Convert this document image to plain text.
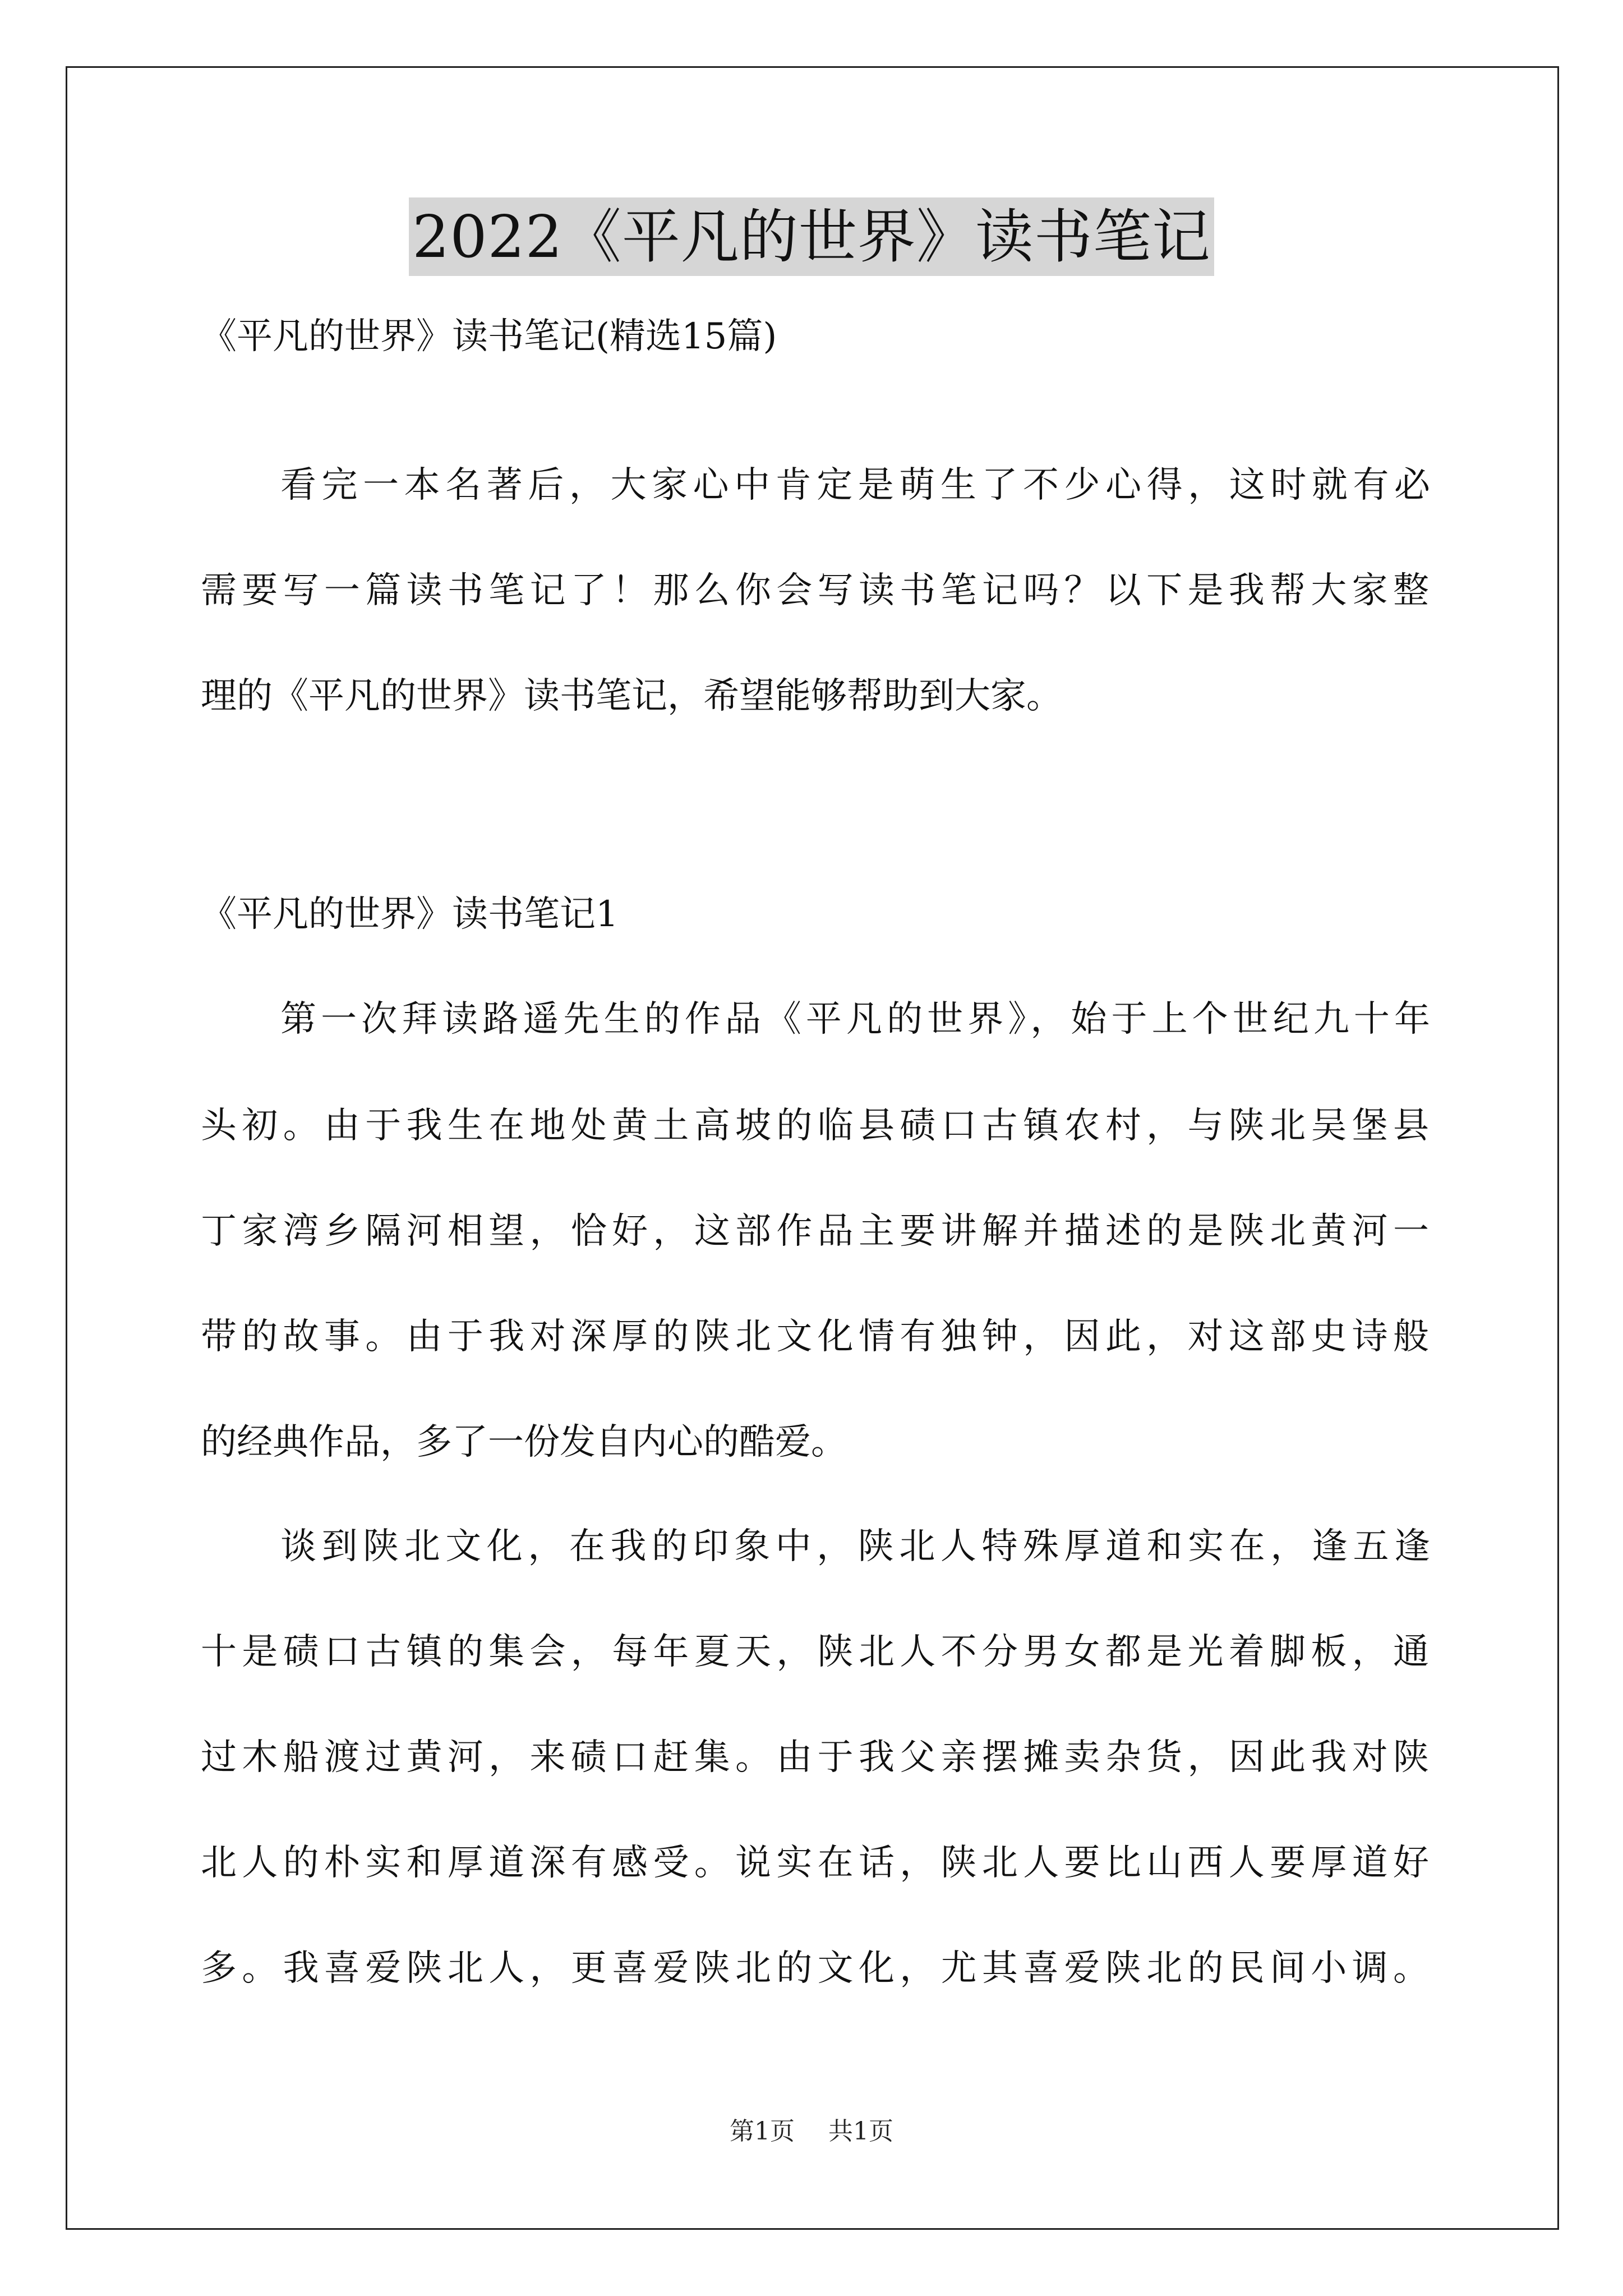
2022《平凡的世界》读书笔记
《平凡的世界》读书笔记(精选15篇)
看完一本名著后，大家心中肯定是萌生了不少心得，这时就有必
需要写一篇读书笔记了！那么你会写读书笔记吗？以下是我帮大家整
理的《平凡的世界》读书笔记，希望能够帮助到大家。
《平凡的世界》读书笔记1
第一次拜读路遥先生的作品《平凡的世界》，始于上个世纪九十年
头初。由于我生在地处黄土高坡的临县碛口古镇农村，与陕北吴堡县
丁家湾乡隔河相望，恰好，这部作品主要讲解并描述的是陕北黄河一
带的故事。由于我对深厚的陕北文化情有独钟，因此，对这部史诗般
的经典作品，多了一份发自内心的酷爱。
谈到陕北文化，在我的印象中，陕北人特殊厚道和实在，逢五逢
十是碛口古镇的集会，每年夏天，陕北人不分男女都是光着脚板，通
过木船渡过黄河，来碛口赶集。由于我父亲摆摊卖杂货，因此我对陕
北人的朴实和厚道深有感受。说实在话，陕北人要比山西人要厚道好
多。我喜爱陕北人，更喜爱陕北的文化，尤其喜爱陕北的民间小调。
第1页 共1页
